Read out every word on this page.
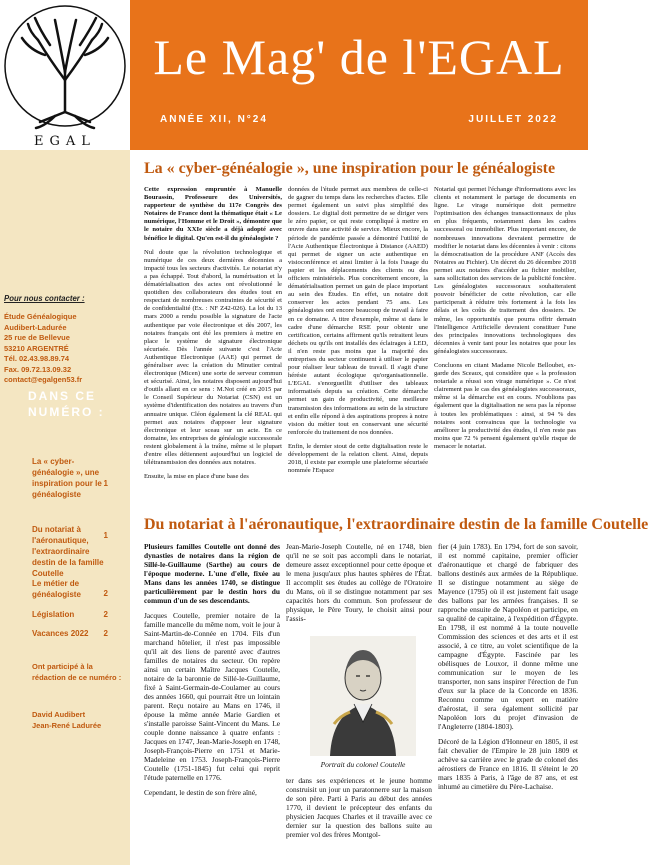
EGAL
Le Mag' de l'EGAL
ANNÉE XII, N°24	JUILLET 2022
Pour nous contacter :
Étude Généalogique
Audibert-Ladurée
25 rue de Bellevue
53210 ARGENTRÉ
Tél. 02.43.98.89.74
Fax. 09.72.13.09.32
contact@egalgen53.fr
DANS CE NUMÉRO :
La « cyber-généalogie », une inspiration pour le généalogiste
1
Du notariat à l'aéronautique, l'extraordinaire destin de la famille Coutelle
1
Le métier de généalogiste	2
Législation	2
Vacances 2022	2
Ont participé à la rédaction de ce numéro :
David Audibert
Jean-René Ladurée
La « cyber-généalogie », une inspiration pour le généalogiste

Cette expression empruntée à Manuelle Bourassin, Professeure des Universités, rapporteur de synthèse du 117e Congrès des Notaires de France dont la thématique était « Le numérique, l'Homme et le Droit », démontre que le notaire du XXIe siècle a déjà adopté avec bénéfice le digital. Qu'en est-il du généalogiste ?

Nul doute que la révolution technologique et numérique de ces deux dernières décennies a impacté tous les secteurs d'activités. Le notariat n'y a pas échappé. Tout d'abord, la numérisation et la dématérialisation des actes ont révolutionné le quotidien des collaborateurs des études tout en respectant de nombreuses contraintes de sécurité et de confidentialité (Ex. : NF Z42-026). La loi du 13 mars 2000 a rendu possible la signature de l'acte authentique par voie électronique et dès 2007, les notaires français ont été les premiers à mettre en place le système de signature électronique sécurisée. Dès l'année suivante c'est l'Acte Authentique Electronique (AAE) qui permet de généraliser avec la création du Minutier central électronique (Micen) une sorte de serveur commun et sécurisé. Ainsi, les notaires disposent aujourd'hui d'outils allant en ce sens : M.Not créé en 2015 par le Conseil Supérieur du Notariat (CSN) est un système d'identification des notaires au travers d'un annuaire unique. Cléon également la clé REAL qui permet aux notaires d'apposer leur signature électronique et leur sceau sur un acte. En ce domaine, les entreprises de généalogie successorale restent globalement à la traîne, même si le plupart d'entre elles détiennent aujourd'hui un logiciel de télétransmission des données aux notaires.

Ensuite, la mise en place d'une base des

données de l'étude permet aux membres de celle-ci de gagner du temps dans les recherches d'actes. Elle permet également un suivi plus simplifié des dossiers. Le digital doit permettre de se diriger vers le zéro papier, ce qui reste compliqué à mettre en œuvre dans une activité de service. Mieux encore, la période de pandémie passée a démontré l'utilité de l'Acte Authentique Électronique à Distance (AAED) qui permet de signer un acte authentique en visioconférence et ainsi limiter à la fois l'usage du papier et les déplacements des clients ou des officiers ministériels. Plus concrètement encore, la dématérialisation permet un gain de place important au sein des Études. En effet, un notaire doit conserver les actes pendant 75 ans. Les généalogistes ont encore beaucoup de travail à faire en ce domaine. A titre d'exemple, même si dans le cadre d'une démarche RSE pour obtenir une certification, certains affirment qu'ils retraitent leurs déchets ou qu'ils ont installés des éclairages à LED, il n'en reste pas moins que la majorité des entreprises du secteur continuent à utiliser le papier pour réaliser leur tableau de travail. Il s'agit d'une hérésie autant écologique qu'organisationnelle. L'EGAL s'enorgueillit d'utiliser des tableaux informatisés depuis sa création. Cette démarche permet un gain de productivité, une meilleure transmission des informations au sein de la structure et enfin elle répond à des aspirations propres à notre vision du métier tout en conservant une sécurité renforcée du traitement de nos données.

Enfin, le dernier stout de cette digitalisation reste le développement de la relation client. Ainsi, depuis 2018, il existe par exemple une plateforme sécurisée nommée l'Espace

Notarial qui permet l'échange d'informations avec les clients et notamment le partage de documents en ligne. Le virage numérique doit permettre l'optimisation des échanges transactionnaux de plus en plus fréquents, notamment dans les cadres successoral ou immobilier. Plus important encore, de nombreuses innovations devraient permettre de modifier le notariat dans les décennies à venir : citons la démocratisation de la procédure ANF (Accès des Notaires au Fichier). Un décret du 26 décembre 2018 permet aux notaires d'accéder au fichier mobilier, sans sollicitation des services de la publicité foncière. Les généalogistes successoraux souhaiteraient pouvoir bénéficier de cette révolution, car elle participerait à réduire très fortement à la fois les délais et les coûts de traitement des dossiers. De même, les opportunités que pourra offrir demain l'Intelligence Artificielle devraient constituer l'une des principales innovations technologiques des décennies à venir tant pour les notaires que pour les généalogistes successoraux.

Concluons en citant Madame Nicole Belloubet, ex-garde des Sceaux, qui considère que « la profession notariale a réussi son virage numérique ». Ce n'est clairement pas le cas des généalogistes successoraux, même si la démarche est en cours. N'oublions pas également que la digitalisation ne sera pas la réponse à toutes les problématiques : ainsi, si 94 % des notaires sont convaincus que la technologie va améliorer la productivité des études, il n'en reste pas moins que 72 % pensent également qu'elle risque de menacer le notariat.

Du notariat à l'aéronautique, l'extraordinaire destin de la famille Coutelle

Plusieurs familles Coutelle ont donné des dynasties de notaires dans la région de Sillé-le-Guillaume (Sarthe) au cours de l'époque moderne. L'une d'elle, fixée au Mans dans les années 1740, se distingue particulièrement par le destin hors du commun d'un de ses descendants.

Jacques Coutelle, premier notaire de la famille mancelle du même nom, voit le jour à Saint-Martin-de-Connée en 1704. Fils d'un marchand hôtelier, il n'est pas impossible qu'il ait des liens de parenté avec d'autres familles de notaires du secteur. On repère ainsi un certain Maître Jacques Coutelle, notaire de la baronnie de Sillé-le-Guillaume, fixé à Saint-Germain-de-Coulamer au cours des années 1660, qui pourrait être un lointain parent. Reçu notaire au Mans en 1746, il épouse la même année Marie Gardien et s'installe paroisse Saint-Vincent du Mans. Le couple donne naissance à quatre enfants : Jacques en 1747, Jean-Marie-Joseph en 1748, Joseph-François-Pierre en 1751 et Marie-Madeleine en 1753. Joseph-François-Pierre Coutelle (1751-1845) fut celui qui reprit l'étude paternelle en 1776.

Cependant, le destin de son frère aîné,

Jean-Marie-Joseph Coutelle, né en 1748, bien qu'il ne se soit pas accompli dans le notariat, demeure assez exceptionnel pour cette époque et le mena jusqu'aux plus hautes sphères de l'État. Il accomplit ses études au collège de l'Oratoire du Mans, où il se distingue notamment par ses capacités hors du commun. Son professeur de physique, le Père Toury, le choisit ainsi pour l'assis-

Portrait du colonel Coutelle

ter dans ses expériences et le jeune homme construisit un jour un paratonnerre sur la maison de son père. Parti à Paris au début des années 1770, il devient le précepteur des enfants du physicien Jacques Charles et il travaille avec ce dernier sur la question des ballons suite au premier vol des frères Montgol-

fier (4 juin 1783). En 1794, fort de son savoir, il est nommé capitaine, premier officier d'aéronautique et chargé de fabriquer des ballons destinés aux armées de la République. Il se distingue notamment au siège de Mayence (1795) où il est justement fait usage des ballons par les armées françaises. Il se rapproche ensuite de Napoléon et participe, en sa qualité de capitaine, à l'expédition d'Égypte. En 1798, il est nommé à la toute nouvelle Commission des sciences et des arts et il est associé, à ce titre, au volet scientifique de la campagne d'Égypte. Fascinée par les obélisques de Louxor, il donne même une communication sur le moyen de les transporter, non sans inspirer l'érection de l'un d'eux sur la place de la Concorde en 1836. Reconnu comme un expert en matière d'aérostat, il sera également sollicité par Napoléon lors du projet d'invasion de l'Angleterre (1804-1803).

Décoré de la Légion d'Honneur en 1805, il est fait chevalier de l'Empire le 28 juin 1809 et achève sa carrière avec le grade de colonel des aérostiers de France en 1816. Il s'éteint le 20 mars 1835 à Paris, à l'âge de 87 ans, et est inhumé au cimetière du Père-Lachaise.
